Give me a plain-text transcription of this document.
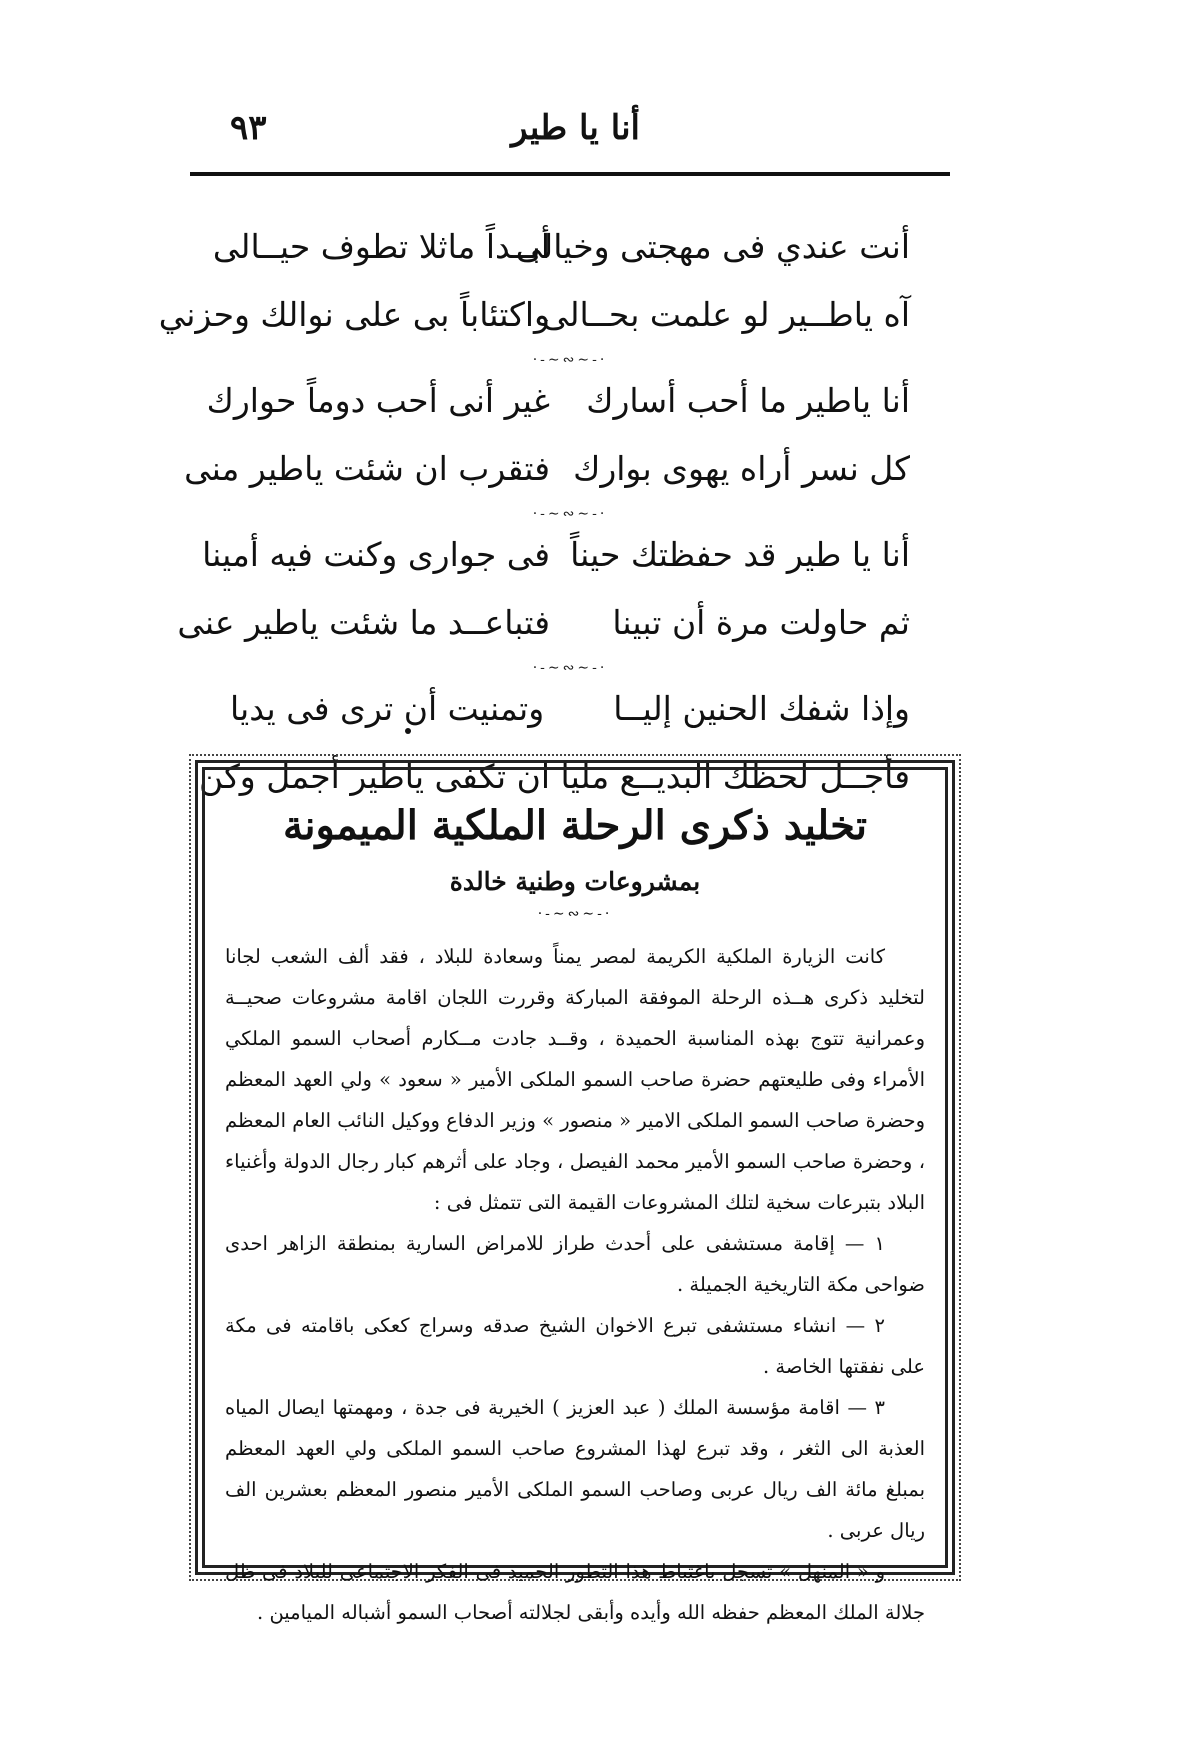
أنا يا طير
٩٣
أنت عندي فى مهجتى وخيالى
أبــداً ماثلا تطوف حيــالى
آه ياطــير لو علمت بحــالى
واكتئاباً بى على نوالك وحزني
·-∽∾∽-·
أنا ياطير ما أحب أسارك
غير أنى أحب دوماً حوارك
كل نسر أراه يهوى بوارك
فتقرب ان شئت ياطير منى
·-∽∾∽-·
أنا يا طير قد حفظتك حيناً
فى جوارى وكنت فيه أمينا
ثم حاولت مرة أن تبينا
فتباعــد ما شئت ياطير عنى
·-∽∾∽-·
وإذا شفك الحنين إليــا
وتمنيت أن ترى فى يديا
فأجــل لحظك البديــع مليا
ان تكفى ياطير أجمل وكن
تخليد ذكرى الرحلة الملكية الميمونة
بمشروعات وطنية خالدة
·-∽∾∽-·

كانت الزيارة الملكية الكريمة لمصر يمناً وسعادة للبلاد ، فقد ألف الشعب لجانا لتخليد ذكرى هــذه الرحلة الموفقة المباركة وقررت اللجان اقامة مشروعات صحيــة وعمرانية تتوج بهذه المناسبة الحميدة ، وقــد جادت مــكارم أصحاب السمو الملكي الأمراء وفى طليعتهم حضرة صاحب السمو الملكى الأمير « سعود » ولي العهد المعظم وحضرة صاحب السمو الملكى الامير « منصور » وزير الدفاع ووكيل النائب العام المعظم ، وحضرة صاحب السمو الأمير محمد الفيصل ، وجاد على أثرهم كبار رجال الدولة وأغنياء البلاد بتبرعات سخية لتلك المشروعات القيمة التى تتمثل فى :

١ — إقامة مستشفى على أحدث طراز للامراض السارية بمنطقة الزاهر احدى ضواحى مكة التاريخية الجميلة .

٢ — انشاء مستشفى تبرع الاخوان الشيخ صدقه وسراج كعكى باقامته فى مكة على نفقتها الخاصة .

٣ — اقامة مؤسسة الملك ( عبد العزيز ) الخيرية فى جدة ، ومهمتها ايصال المياه العذبة الى الثغر ، وقد تبرع لهذا المشروع صاحب السمو الملكى ولي العهد المعظم بمبلغ مائة الف ريال عربى وصاحب السمو الملكى الأمير منصور المعظم بعشرين الف ريال عربى .

و « المنهل » تسجل باغتباط هذا التطور الحميد فى الفكر الاجتماعى للبلاد فى ظل جلالة الملك المعظم حفظه الله وأيده وأبقى لجلالته أصحاب السمو أشباله الميامين .
